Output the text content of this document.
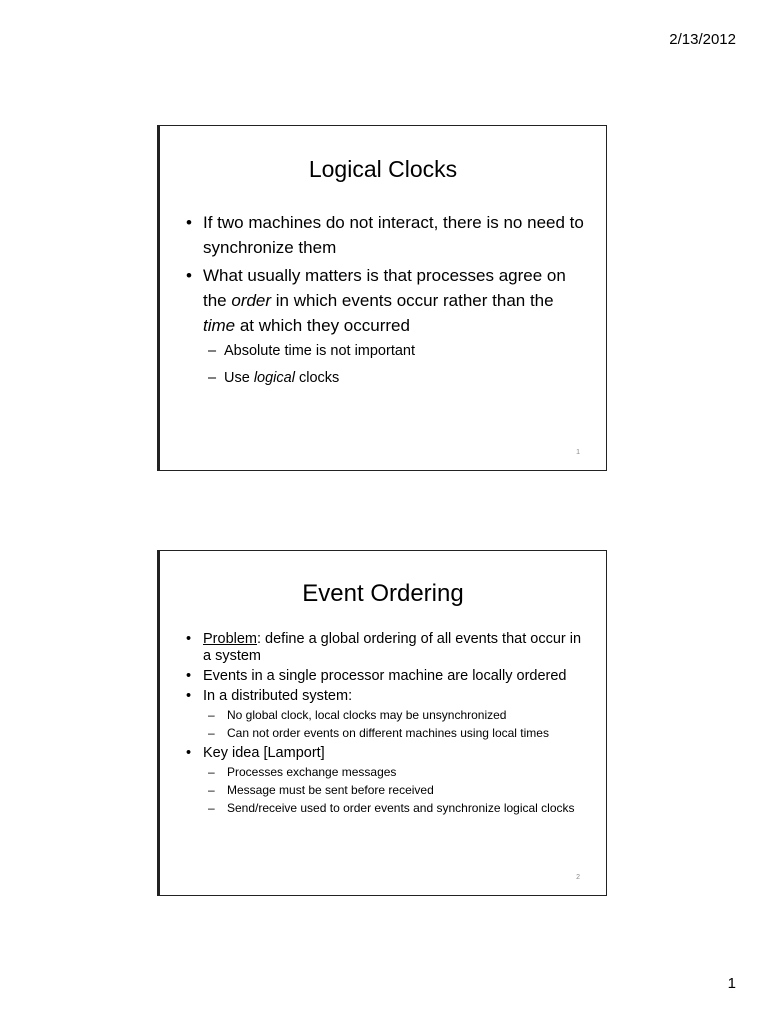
2/13/2012
Logical Clocks
• If two machines do not interact, there is no need to synchronize them
• What usually matters is that processes agree on the order in which events occur rather than the time at which they occurred
– Absolute time is not important
– Use logical clocks
1
Event Ordering
• Problem: define a global ordering of all events that occur in a system
• Events in a single processor machine are locally ordered
• In a distributed system:
– No global clock, local clocks may be unsynchronized
– Can not order events on different machines using local times
• Key idea [Lamport]
– Processes exchange messages
– Message must be sent before received
– Send/receive used to order events and synchronize logical clocks
2
1
